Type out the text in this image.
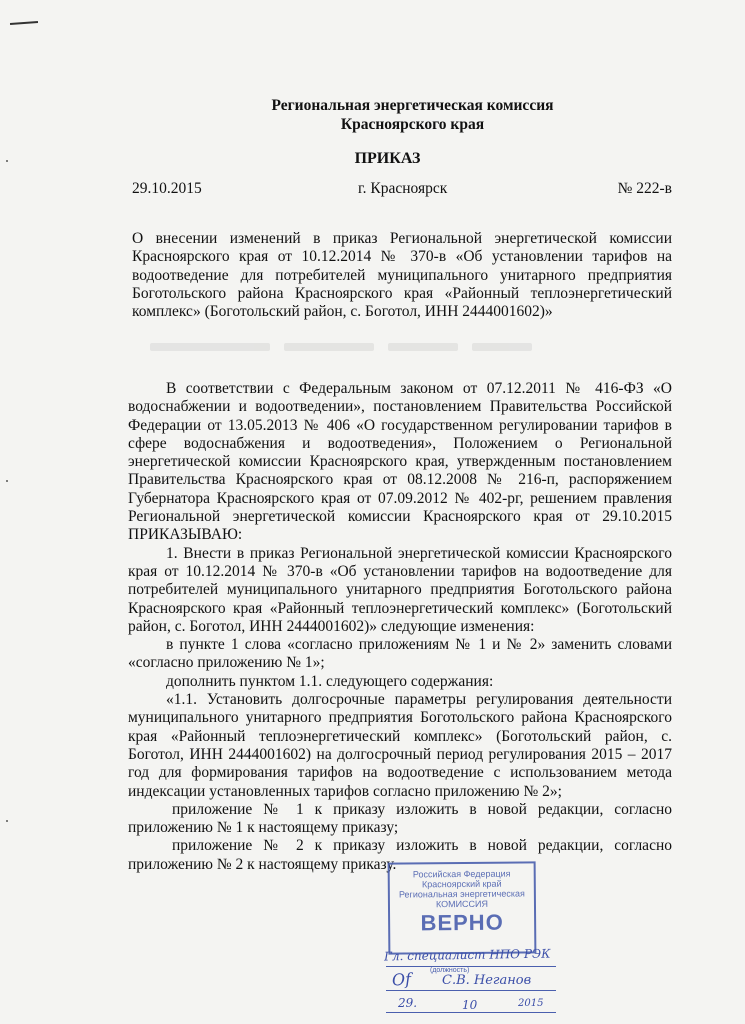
Региональная энергетическая комиссия
Красноярского края
ПРИКАЗ
29.10.2015	г. Красноярск	№ 222-в
О внесении изменений в приказ Региональной энергетической комиссии Красноярского края от 10.12.2014 № 370-в «Об установлении тарифов на водоотведение для потребителей муниципального унитарного предприятия Боготольского района Красноярского края «Районный теплоэнергетический комплекс» (Боготольский район, с. Боготол, ИНН 2444001602)»

В соответствии с Федеральным законом от 07.12.2011 № 416-ФЗ «О водоснабжении и водоотведении», постановлением Правительства Российской Федерации от 13.05.2013 № 406 «О государственном регулировании тарифов в сфере водоснабжения и водоотведения», Положением о Региональной энергетической комиссии Красноярского края, утвержденным постановлением Правительства Красноярского края от 08.12.2008 № 216-п, распоряжением Губернатора Красноярского края от 07.09.2012 № 402-рг, решением правления Региональной энергетической комиссии Красноярского края от 29.10.2015 ПРИКАЗЫВАЮ:

1. Внести в приказ Региональной энергетической комиссии Красноярского края от 10.12.2014 № 370-в «Об установлении тарифов на водоотведение для потребителей муниципального унитарного предприятия Боготольского района Красноярского края «Районный теплоэнергетический комплекс» (Боготольский район, с. Боготол, ИНН 2444001602)» следующие изменения:

в пункте 1 слова «согласно приложениям № 1 и № 2» заменить словами «согласно приложению № 1»;

дополнить пунктом 1.1. следующего содержания:

«1.1. Установить долгосрочные параметры регулирования деятельности муниципального унитарного предприятия Боготольского района Красноярского края «Районный теплоэнергетический комплекс» (Боготольский район, с. Боготол, ИНН 2444001602) на долгосрочный период регулирования 2015 – 2017 год для формирования тарифов на водоотведение с использованием метода индексации установленных тарифов согласно приложению № 2»;

приложение № 1 к приказу изложить в новой редакции, согласно приложению № 1 к настоящему приказу;

приложение № 2 к приказу изложить в новой редакции, согласно приложению № 2 к настоящему приказу.

Российская Федерация
Красноярский край
Региональная энергетическая
КОМИССИЯ
ВЕРНО
Гл. специалист НПО РЭК
(должность)
Of С.В. Неганов
29.	10	2015
